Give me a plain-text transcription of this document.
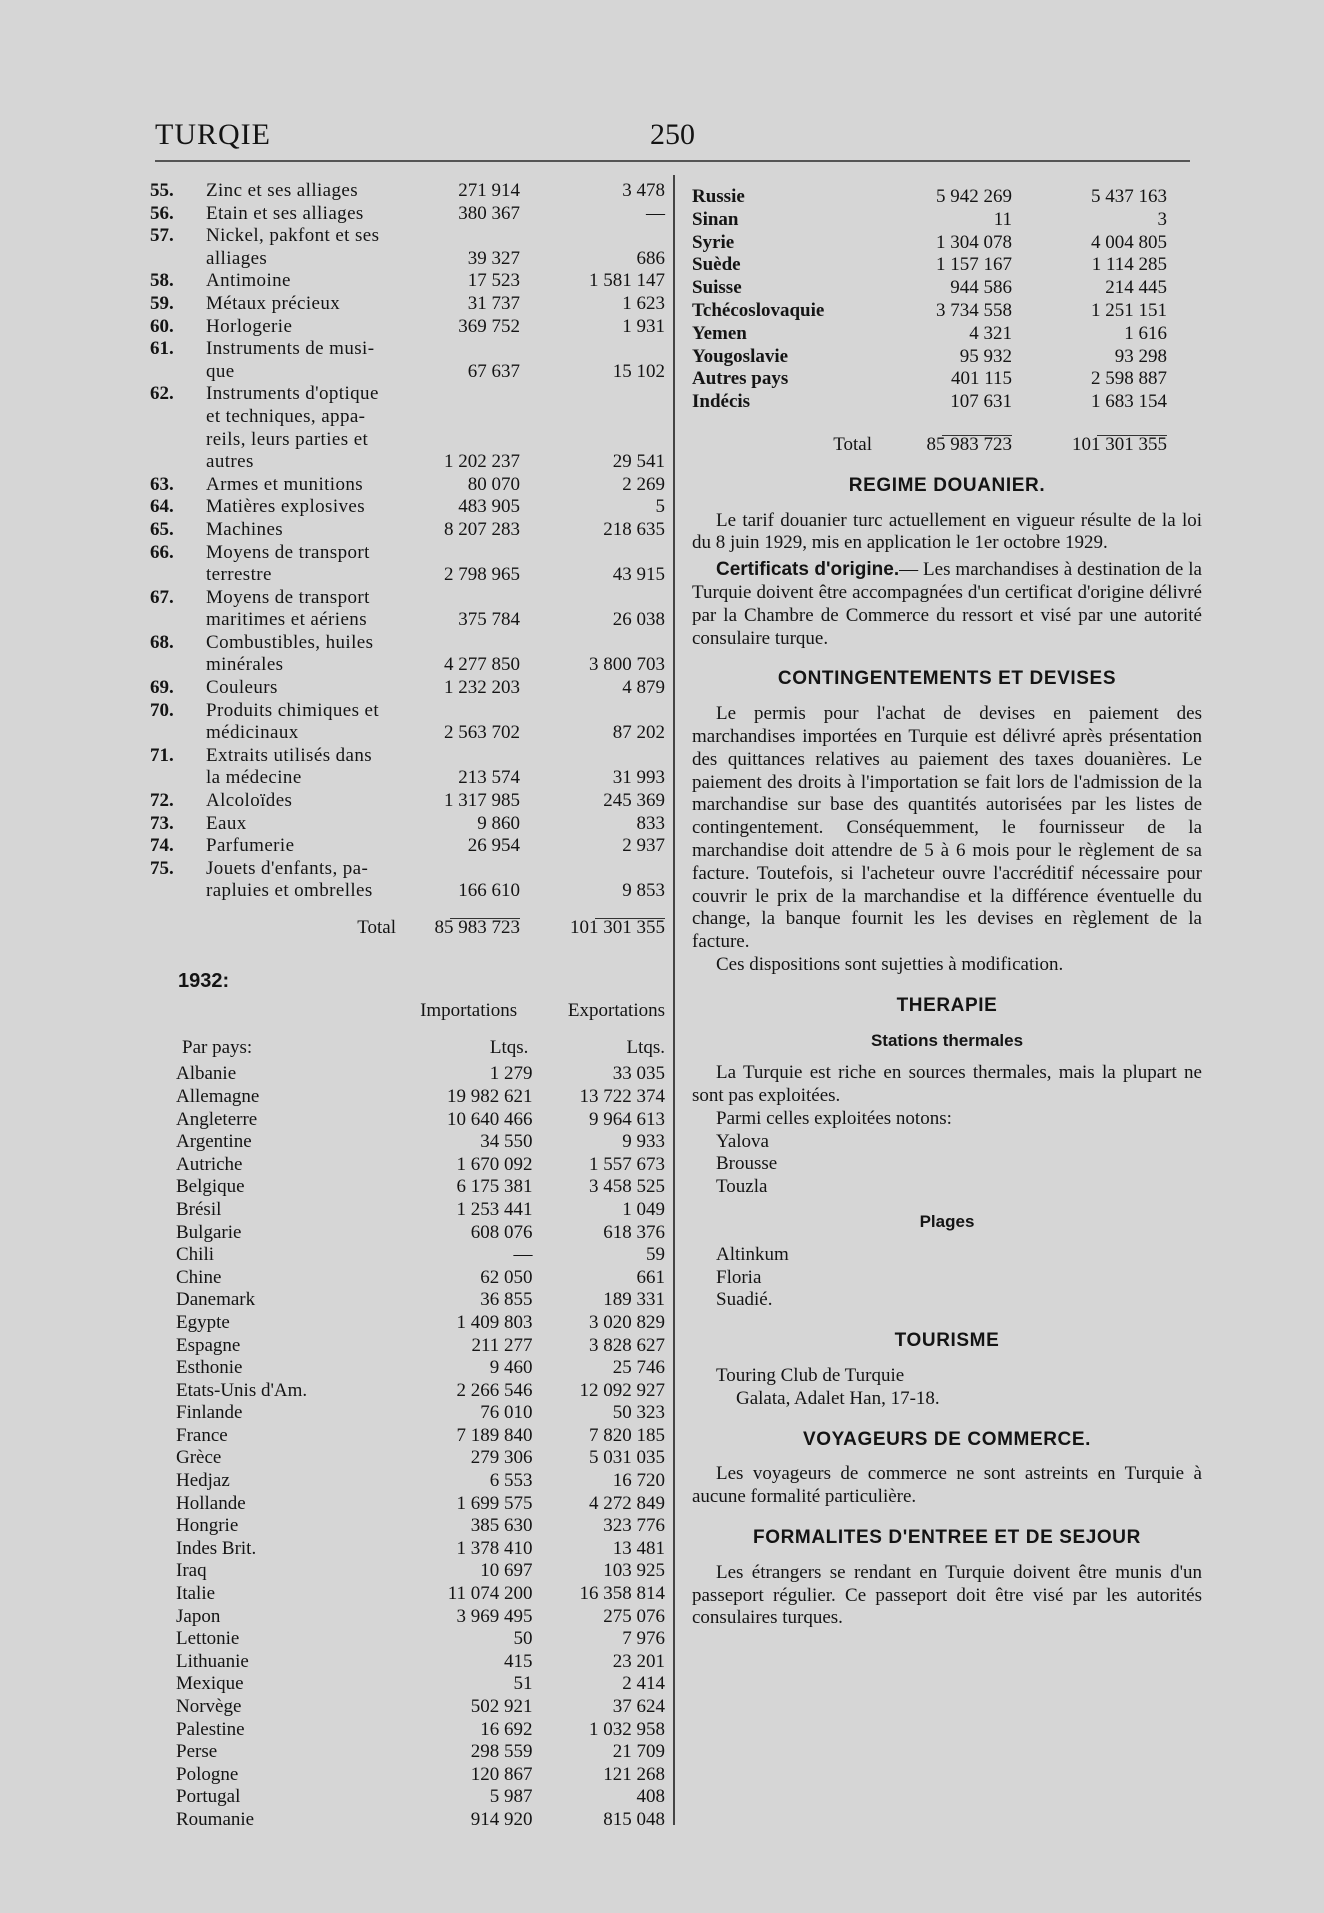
TURQIE	250
55.	Zinc et ses alliages	271 914	3 478
56.	Etain et ses alliages	380 367	—
57.	Nickel, pakfont et ses
alliages	39 327	686
58.	Antimoine	17 523	1 581 147
59.	Métaux précieux	31 737	1 623
60.	Horlogerie	369 752	1 931
61.	Instruments de musi-
que	67 637	15 102
62.	Instruments d'optique
et techniques, appa-
reils, leurs parties et
autres	1 202 237	29 541
63.	Armes et munitions	80 070	2 269
64.	Matières explosives	483 905	5
65.	Machines	8 207 283	218 635
66.	Moyens de transport
terrestre	2 798 965	43 915
67.	Moyens de transport
maritimes et aériens	375 784	26 038
68.	Combustibles, huiles
minérales	4 277 850	3 800 703
69.	Couleurs	1 232 203	4 879
70.	Produits chimiques et
médicinaux	2 563 702	87 202
71.	Extraits utilisés dans
la médecine	213 574	31 993
72.	Alcoloïdes	1 317 985	245 369
73.	Eaux	9 860	833
74.	Parfumerie	26 954	2 937
75.	Jouets d'enfants, pa-
rapluies et ombrelles	166 610	9 853
Total	85 983 723	101 301 355
1932:
Importations	Exportations
Par pays:	Ltqs.	Ltqs.
Albanie	1 279	33 035
Allemagne	19 982 621	13 722 374
Angleterre	10 640 466	9 964 613
Argentine	34 550	9 933
Autriche	1 670 092	1 557 673
Belgique	6 175 381	3 458 525
Brésil	1 253 441	1 049
Bulgarie	608 076	618 376
Chili	—	59
Chine	62 050	661
Danemark	36 855	189 331
Egypte	1 409 803	3 020 829
Espagne	211 277	3 828 627
Esthonie	9 460	25 746
Etats-Unis d'Am.	2 266 546	12 092 927
Finlande	76 010	50 323
France	7 189 840	7 820 185
Grèce	279 306	5 031 035
Hedjaz	6 553	16 720
Hollande	1 699 575	4 272 849
Hongrie	385 630	323 776
Indes Brit.	1 378 410	13 481
Iraq	10 697	103 925
Italie	11 074 200	16 358 814
Japon	3 969 495	275 076
Lettonie	50	7 976
Lithuanie	415	23 201
Mexique	51	2 414
Norvège	502 921	37 624
Palestine	16 692	1 032 958
Perse	298 559	21 709
Pologne	120 867	121 268
Portugal	5 987	408
Roumanie	914 920	815 048
Russie	5 942 269	5 437 163
Sinan	11	3
Syrie	1 304 078	4 004 805
Suède	1 157 167	1 114 285
Suisse	944 586	214 445
Tchécoslovaquie	3 734 558	1 251 151
Yemen	4 321	1 616
Yougoslavie	95 932	93 298
Autres pays	401 115	2 598 887
Indécis	107 631	1 683 154
Total	85 983 723	101 301 355
REGIME DOUANIER.

Le tarif douanier turc actuellement en vigueur résulte de la loi du 8 juin 1929, mis en application le 1er octobre 1929.

Certificats d'origine.— Les marchandises à destination de la Turquie doivent être accompagnées d'un certificat d'origine délivré par la Chambre de Commerce du ressort et visé par une autorité consulaire turque.

CONTINGENTEMENTS ET DEVISES

Le permis pour l'achat de devises en paiement des marchandises importées en Turquie est délivré après présentation des quittances relatives au paiement des taxes douanières. Le paiement des droits à l'importation se fait lors de l'admission de la marchandise sur base des quantités autorisées par les listes de contingentement. Conséquemment, le fournisseur de la marchandise doit attendre de 5 à 6 mois pour le règlement de sa facture. Toutefois, si l'acheteur ouvre l'accréditif nécessaire pour couvrir le prix de la marchandise et la différence éventuelle du change, la banque fournit les les devises en règlement de la facture.

Ces dispositions sont sujetties à modification.

THERAPIE
Stations thermales

La Turquie est riche en sources thermales, mais la plupart ne sont pas exploitées.

Parmi celles exploitées notons:
Yalova
Brousse
Touzla
Plages
Altinkum
Floria
Suadié.
TOURISME
Touring Club de Turquie
Galata, Adalet Han, 17-18.
VOYAGEURS DE COMMERCE.

Les voyageurs de commerce ne sont astreints en Turquie à aucune formalité particulière.

FORMALITES D'ENTREE ET DE SEJOUR

Les étrangers se rendant en Turquie doivent être munis d'un passeport régulier. Ce passeport doit être visé par les autorités consulaires turques.
